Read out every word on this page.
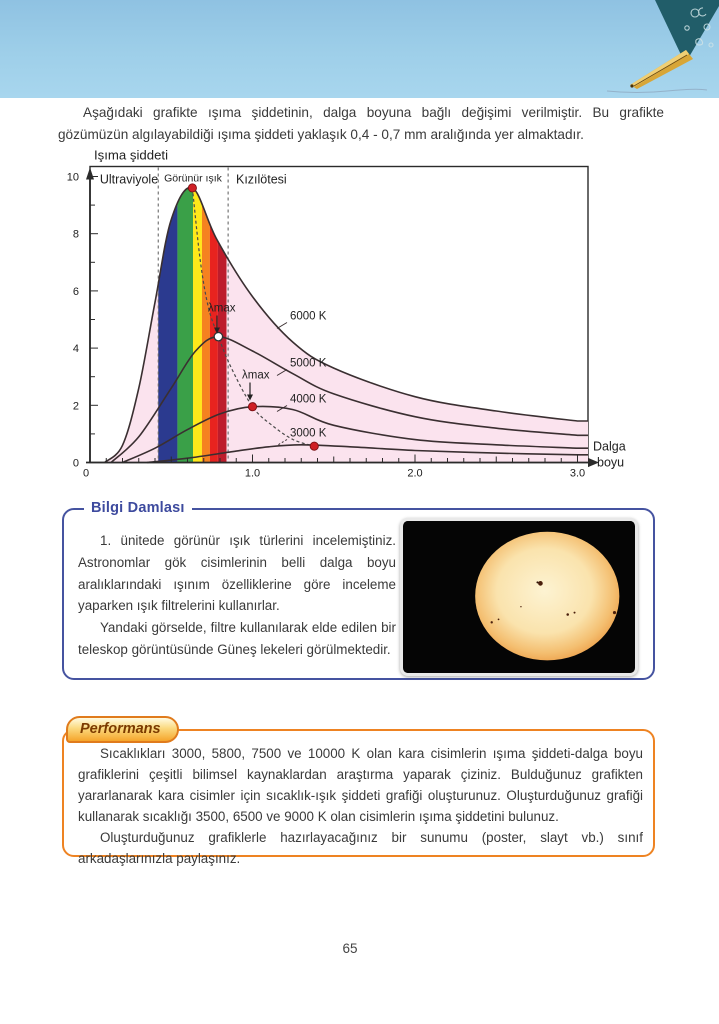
Aşağıdaki grafikte ışıma şiddetinin, dalga boyuna bağlı değişimi verilmiştir. Bu grafikte gözümüzün algılayabildiği ışıma şiddeti yaklaşık 0,4 - 0,7 mm aralığında yer almaktadır.
0
2
4
6
8
10
0	1.0	2.0	3.0
Işıma şiddeti
Dalga
boyu
Ultraviyole Görünür ışık Kızılötesi
6000 K
5000 K
4000 K
3000 K
λmax
λmax
Bilgi Damlası

1. ünitede görünür ışık türlerini incelemiştiniz. Astronomlar gök cisimlerinin belli dalga boyu aralıklarındaki ışınım özelliklerine göre inceleme yaparken ışık filtrelerini kullanırlar.

Yandaki görselde, filtre kullanılarak elde edilen bir teleskop görüntüsünde Güneş lekeleri görülmektedir.

Performans

Sıcaklıkları 3000, 5800, 7500 ve 10000 K olan kara cisimlerin ışıma şiddeti-dalga boyu grafiklerini çeşitli bilimsel kaynaklardan araştırma yaparak çiziniz. Bulduğunuz grafikten yararlanarak kara cisimler için sıcaklık-ışık şiddeti grafiği oluşturunuz. Oluşturduğunuz grafiği kullanarak sıcaklığı 3500, 6500 ve 9000 K olan cisimlerin ışıma şiddetini bulunuz.

Oluşturduğunuz grafiklerle hazırlayacağınız bir sunumu (poster, slayt vb.) sınıf arkadaşlarınızla paylaşınız.

65
